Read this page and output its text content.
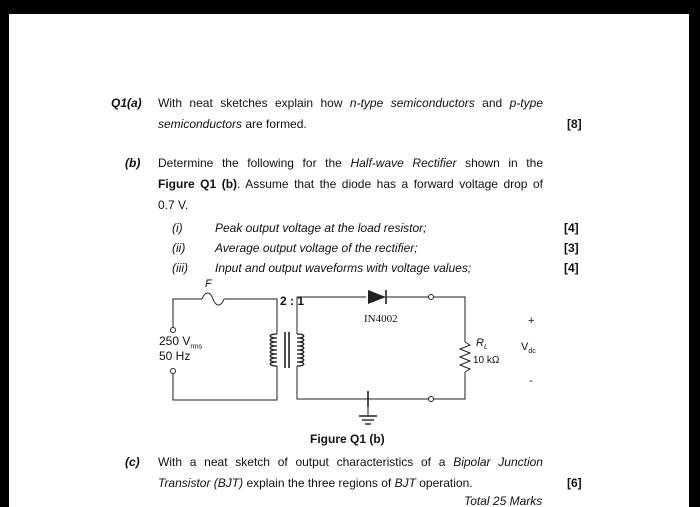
Q1(a) With neat sketches explain how n-type semiconductors and p-type
semiconductors are formed.	[8]
(b) Determine the following for the Half-wave Rectifier shown in the
Figure Q1 (b). Assume that the diode has a forward voltage drop of
0.7 V.
(i)	Peak output voltage at the load resistor;	[4]
(ii) Average output voltage of the rectifier;	[3]
(iii) Input and output waveforms with voltage values;	[4]
F
2 : 1
IN4002
250 $V_{rms}$
50 Hz
$R_L$
10 kΩ
$V_{dc}$
+
-
Figure Q1 (b)
(c) With a neat sketch of output characteristics of a Bipolar Junction
Transistor (BJT) explain the three regions of BJT operation.	[6]
Total 25 Marks
